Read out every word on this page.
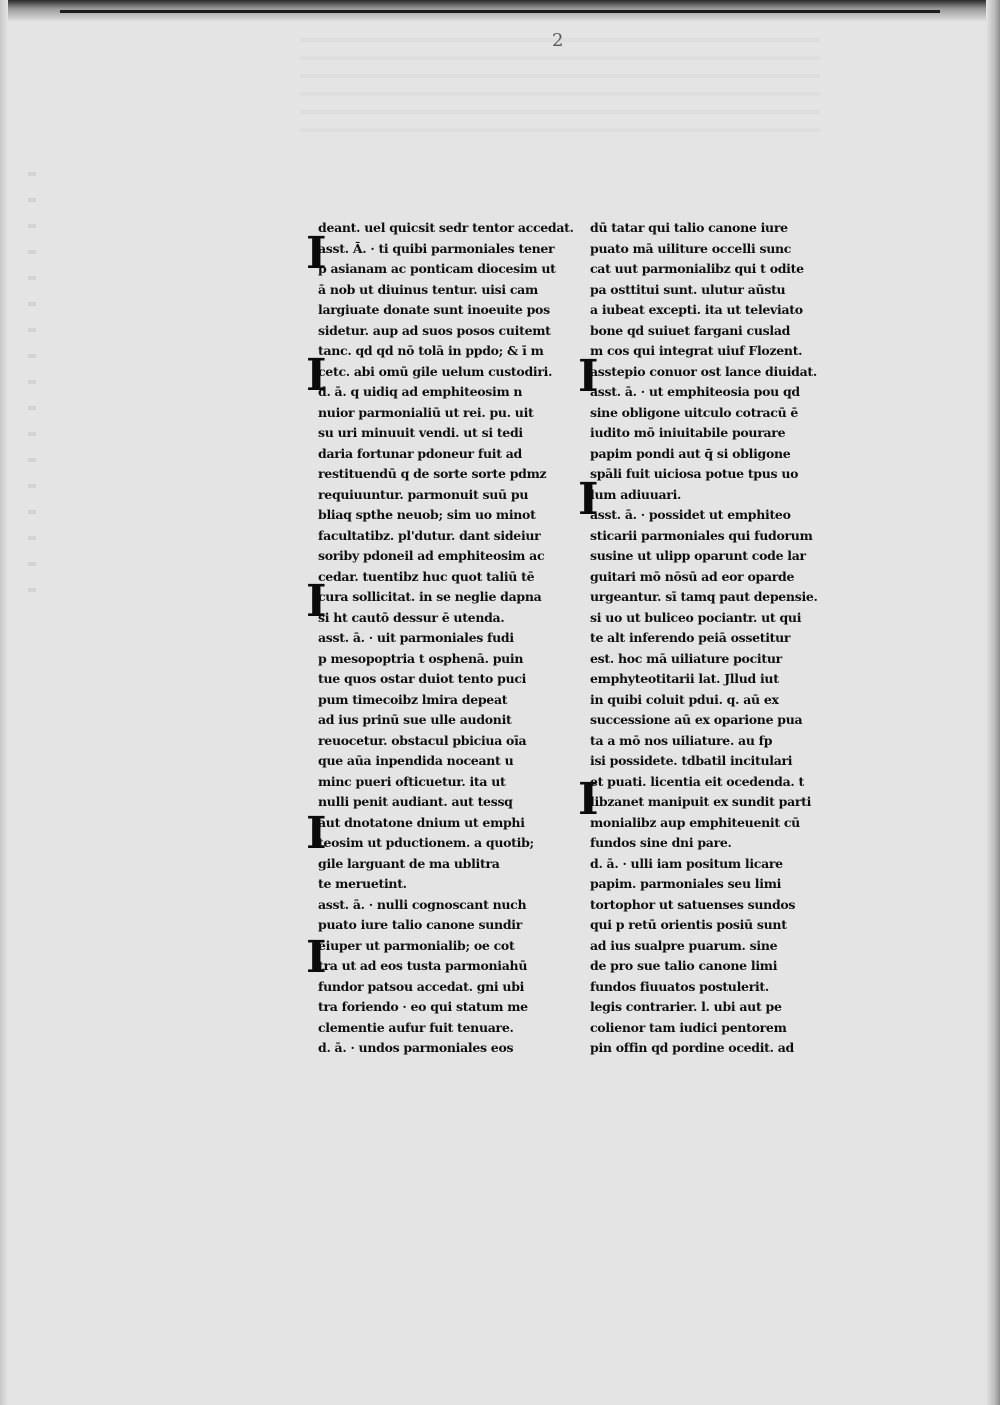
2
deant. uel quicsit sedr tentor accedat.
asst. Ā. · ti quibi parmoniales tener
p asianam ac ponticam diocesim ut
ā nob ut diuinus tentur. uisi cam
largiuate donate sunt inoeuite pos
sidetur. aup ad suos posos cuitemt
tanc. qd qd nō tolā in ppdo; & ī m
cetc. abi omū gile uelum custodiri.
d. ā. q uidiq ad emphiteosim n
nuior parmonialiū ut rei. pu. uit
su uri minuuit vendi. ut si tedi
daria fortunar pdoneur fuit ad
restituendū q de sorte sorte pdmz
requiuuntur. parmonuit suū pu
bliaq spthe neuob; sim uo minot
facultatibz. pl'dutur. dant sideiur
soriby pdoneil ad emphiteosim ac
cedar. tuentibz huc quot taliū tē
cura sollicitat. in se neglie dapna
si ht cautō dessur ē utenda.
asst. ā. · uit parmoniales fudi
p mesopoptria t osphenā. puin
tue quos ostar duiot tento puci
pum timecoibz lmira depeat
ad ius prinū sue ulle audonit
reuocetur. obstacul pbiciua oīa
que aūa inpendida noceant u
minc pueri ofticuetur. ita ut
nulli penit audiant. aut tessq
aut dnotatone dnium ut emphi
teosim ut pductionem. a quotib;
gile larguant de ma ublitra
te meruetint.
asst. ā. · nulli cognoscant nuch
puato iure talio canone sundir
eiuper ut parmonialib; oe cot
tra ut ad eos tusta parmoniahū
fundor patsou accedat. gni ubi
tra foriendo · eo qui statum me
clementie aufur fuit tenuare.
d. ā. · undos parmoniales eos
dū tatar qui talio canone iure
puato mā uiliture occelli sunc
cat uut parmonialibz qui t odite
pa osttitui sunt. ulutur aūstu
a iubeat excepti. ita ut televiato
bone qd suiuet fargani cuslad
m cos qui integrat uiuf Flozent.
asstepio conuor ost lance diuidat.
asst. ā. · ut emphiteosia pou qd
sine obligone uitculo cotracū ē
iudito mō iniuitabile pourare
papim pondi aut q̄ si obligone
spāli fuit uiciosa potue tpus uo
lum adiuuari.
asst. ā. · possidet ut emphiteo
sticarii parmoniales qui fudorum
susine ut ulipp oparunt code lar
guitari mō nōsū ad eor oparde
urgeantur. sī tamq paut depensie.
si uo ut buliceo pociantr. ut qui
te alt inferendo peiā ossetitur
est. hoc mā uiliature pocitur
emphyteotitarii lat. Jllud iut
in quibi coluit pdui. q. aū ex
successione aū ex oparione pua
ta a mō nos uiliature. au fp
isi possidete. tdbatil incitulari
et puati. licentia eit ocedenda. t
libzanet manipuit ex sundit parti
monialibz aup emphiteuenit cū
fundos sine dni pare.
d. ā. · ulli iam positum licare
papim. parmoniales seu limi
tortophor ut satuenses sundos
qui p retū orientis posiū sunt
ad ius sualpre puarum. sine
de pro sue talio canone limi
fundos fiuuatos postulerit.
legis contrarier. l. ubi aut pe
colienor tam iudici pentorem
pin offin qd pordine ocedit. ad
I
I
I
I
I
I
I
I
